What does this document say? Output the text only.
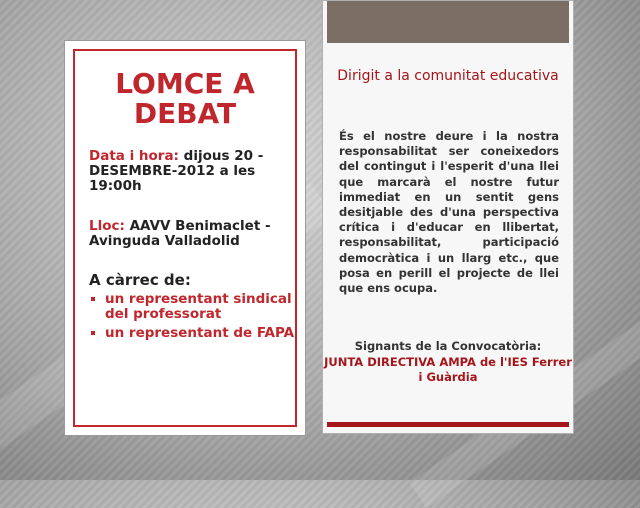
LOMCE A DEBAT
Data i hora: dijous 20 - DESEMBRE-2012 a les 19:00h
Lloc: AAVV Benimaclet - Avinguda Valladolid
A càrrec de:
un representant sindical del professorat
un representant de FAPA
Dirigit a la comunitat educativa
És el nostre deure i la nostra responsabilitat ser coneixedors del contingut i l'esperit d'una llei que marcarà el nostre futur immediat en un sentit gens desitjable des d'una perspectiva crítica i d'educar en llibertat, responsabilitat, participació democràtica i un llarg etc., que posa en perill el projecte de llei que ens ocupa.
Signants de la Convocatòria:
JUNTA DIRECTIVA AMPA de l'IES Ferrer i Guàrdia
